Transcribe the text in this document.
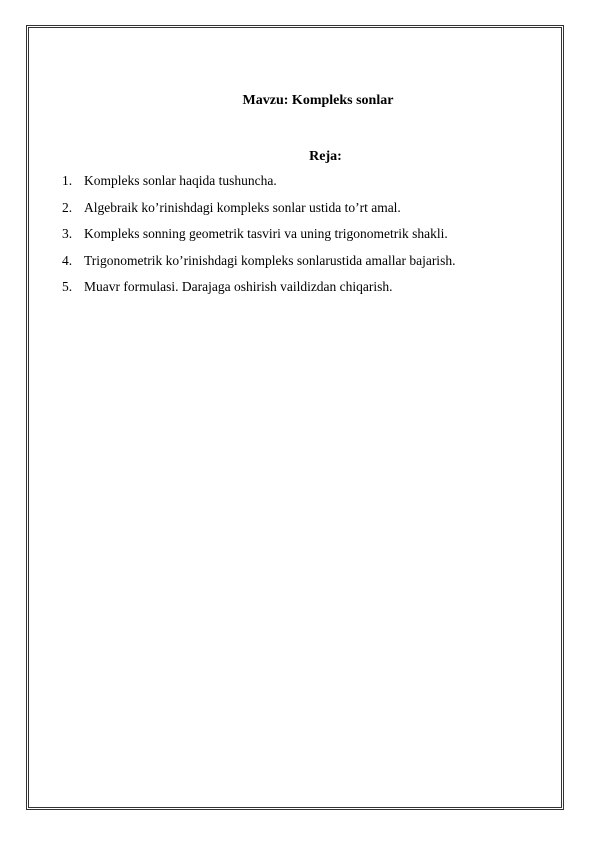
Mavzu: Kompleks sonlar
Reja:
1. Kompleks sonlar haqida tushuncha.
2. Algebraik ko’rinishdagi kompleks sonlar ustida to’rt amal.
3. Kompleks sonning geometrik tasviri va uning trigonometrik shakli.
4. Trigonometrik ko’rinishdagi kompleks sonlarustida amallar bajarish.
5. Muavr formulasi. Darajaga oshirish vaildizdan chiqarish.
